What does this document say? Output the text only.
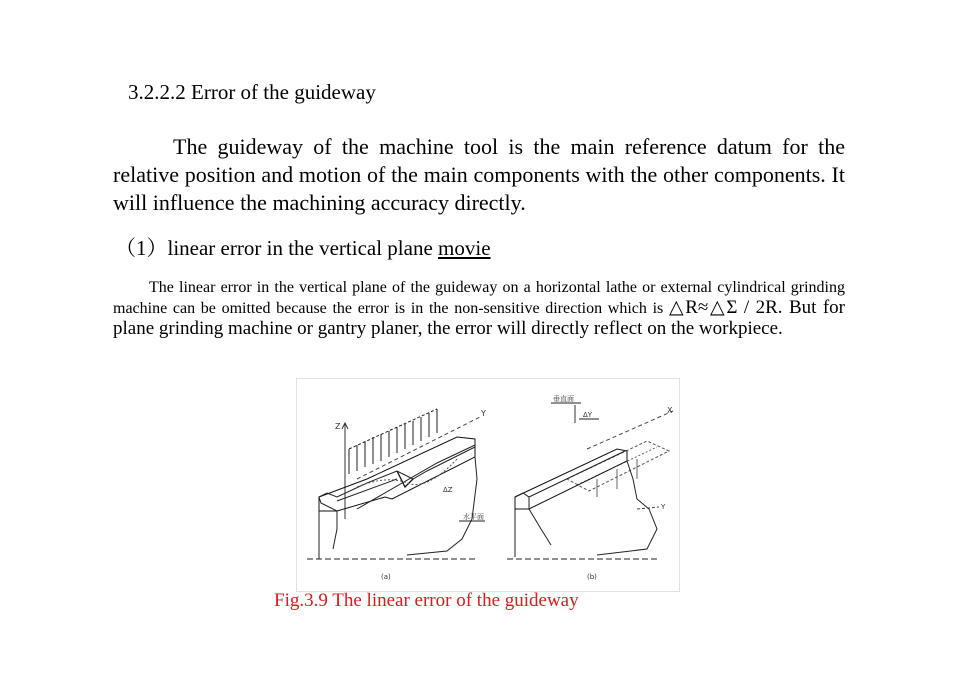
3.2.2.2 Error of the guideway
The guideway of the machine tool is the main reference datum for the relative position and motion of the main components with the other components. It will influence the machining accuracy directly.
（1）linear error in the vertical plane movie
The linear error in the vertical plane of the guideway on a horizontal lathe or external cylindrical grinding machine can be omitted because the error is in the non-sensitive direction which is △R≈△Σ / 2R. But for plane grinding machine or gantry planer, the error will directly reflect on the workpiece.
Z
Y
ΔZ
水平面
(a)
垂直面
ΔY	X
Y
(b)
Fig.3.9 The linear error of the guideway
